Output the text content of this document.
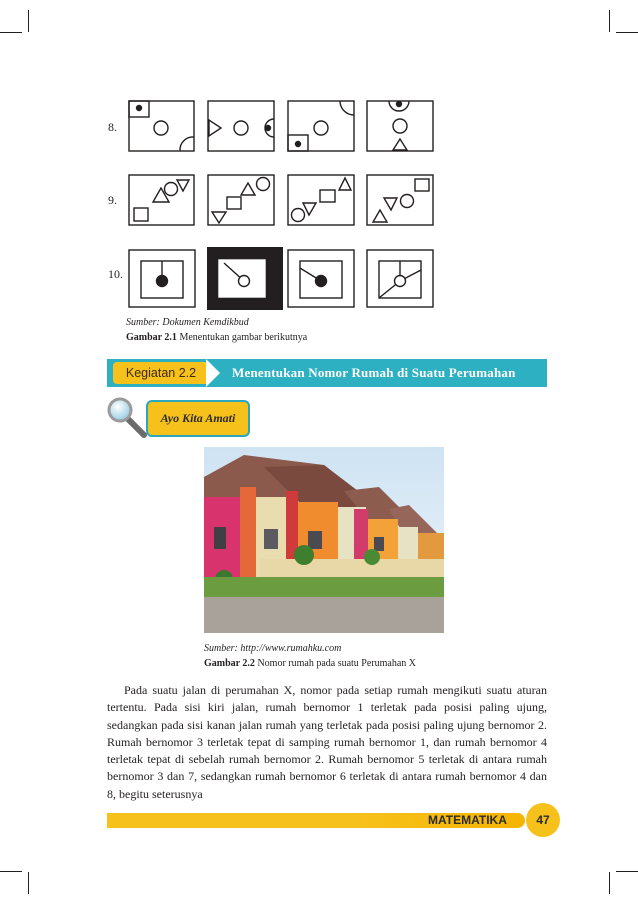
8.
9.
10.
Sumber: Dokumen Kemdikbud
Gambar 2.1 Menentukan gambar berikutnya
Kegiatan 2.2	Menentukan Nomor Rumah di Suatu Perumahan
Ayo Kita Amati
Sumber: http://www.rumahku.com
Gambar 2.2 Nomor rumah pada suatu Perumahan X
Pada suatu jalan di perumahan X, nomor pada setiap rumah mengikuti suatu aturan tertentu. Pada sisi kiri jalan, rumah bernomor 1 terletak pada posisi paling ujung, sedangkan pada sisi kanan jalan rumah yang terletak pada posisi paling ujung bernomor 2. Rumah bernomor 3 terletak tepat di samping rumah bernomor 1, dan rumah bernomor 4 terletak tepat di sebelah rumah bernomor 2. Rumah bernomor 5 terletak di antara rumah bernomor 3 dan 7, sedangkan rumah bernomor 6 terletak di antara rumah bernomor 4 dan 8, begitu seterusnya
MATEMATIKA	47
